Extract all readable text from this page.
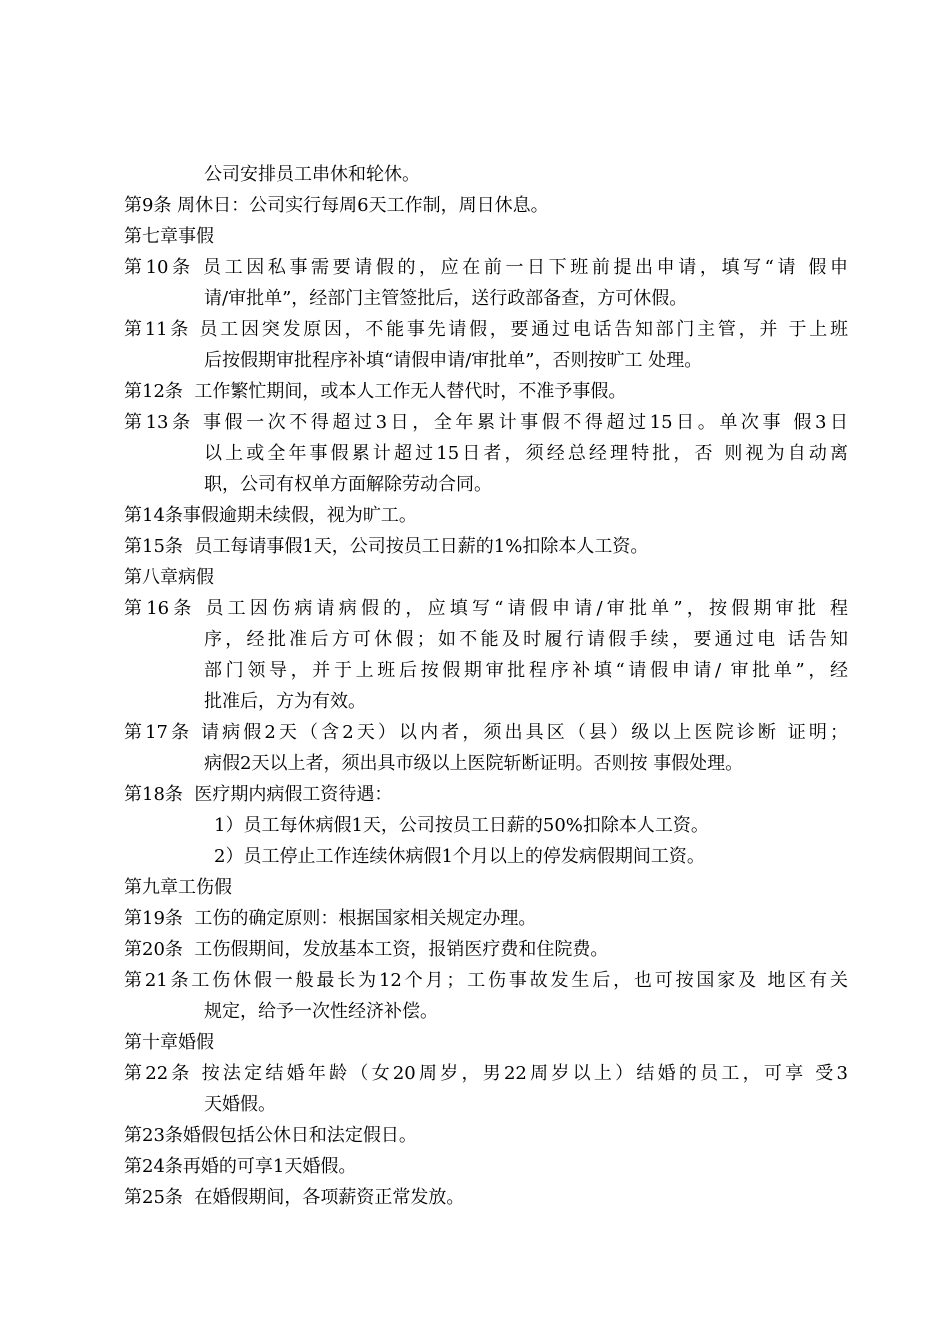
公司安排员工串休和轮休。
第9条 周休日：公司实行每周6天工作制，周日休息。
第七章事假
第10条 员工因私事需要请假的，应在前一日下班前提出申请，填写“请 假申
请/审批单”，经部门主管签批后，送行政部备查，方可休假。
第11条 员工因突发原因，不能事先请假，要通过电话告知部门主管，并 于上班
后按假期审批程序补填“请假申请/审批单”，否则按旷工 处理。
第12条  工作繁忙期间，或本人工作无人替代时，不准予事假。
第13条 事假一次不得超过3日，全年累计事假不得超过15日。单次事 假3日
以上或全年事假累计超过15日者，须经总经理特批，否 则视为自动离
职，公司有权单方面解除劳动合同。
第14条事假逾期未续假，视为旷工。
第15条  员工每请事假1天，公司按员工日薪的1%扣除本人工资。
第八章病假
第16条 员工因伤病请病假的，应填写“请假申请/审批单”，按假期审批 程
序，经批准后方可休假；如不能及时履行请假手续，要通过电 话告知
部门领导，并于上班后按假期审批程序补填“请假申请/ 审批单”，经
批准后，方为有效。
第17条 请病假2天（含2天）以内者，须出具区（县）级以上医院诊断 证明；
病假2天以上者，须出具市级以上医院斩断证明。否则按 事假处理。
第18条  医疗期内病假工资待遇：
1）员工每休病假1天，公司按员工日薪的50%扣除本人工资。
2）员工停止工作连续休病假1个月以上的停发病假期间工资。
第九章工伤假
第19条  工伤的确定原则：根据国家相关规定办理。
第20条  工伤假期间，发放基本工资，报销医疗费和住院费。
第21条工伤休假一般最长为12个月；工伤事故发生后，也可按国家及 地区有关
规定，给予一次性经济补偿。
第十章婚假
第22条 按法定结婚年龄（女20周岁，男22周岁以上）结婚的员工，可享 受3
天婚假。
第23条婚假包括公休日和法定假日。
第24条再婚的可享1天婚假。
第25条  在婚假期间，各项薪资正常发放。
